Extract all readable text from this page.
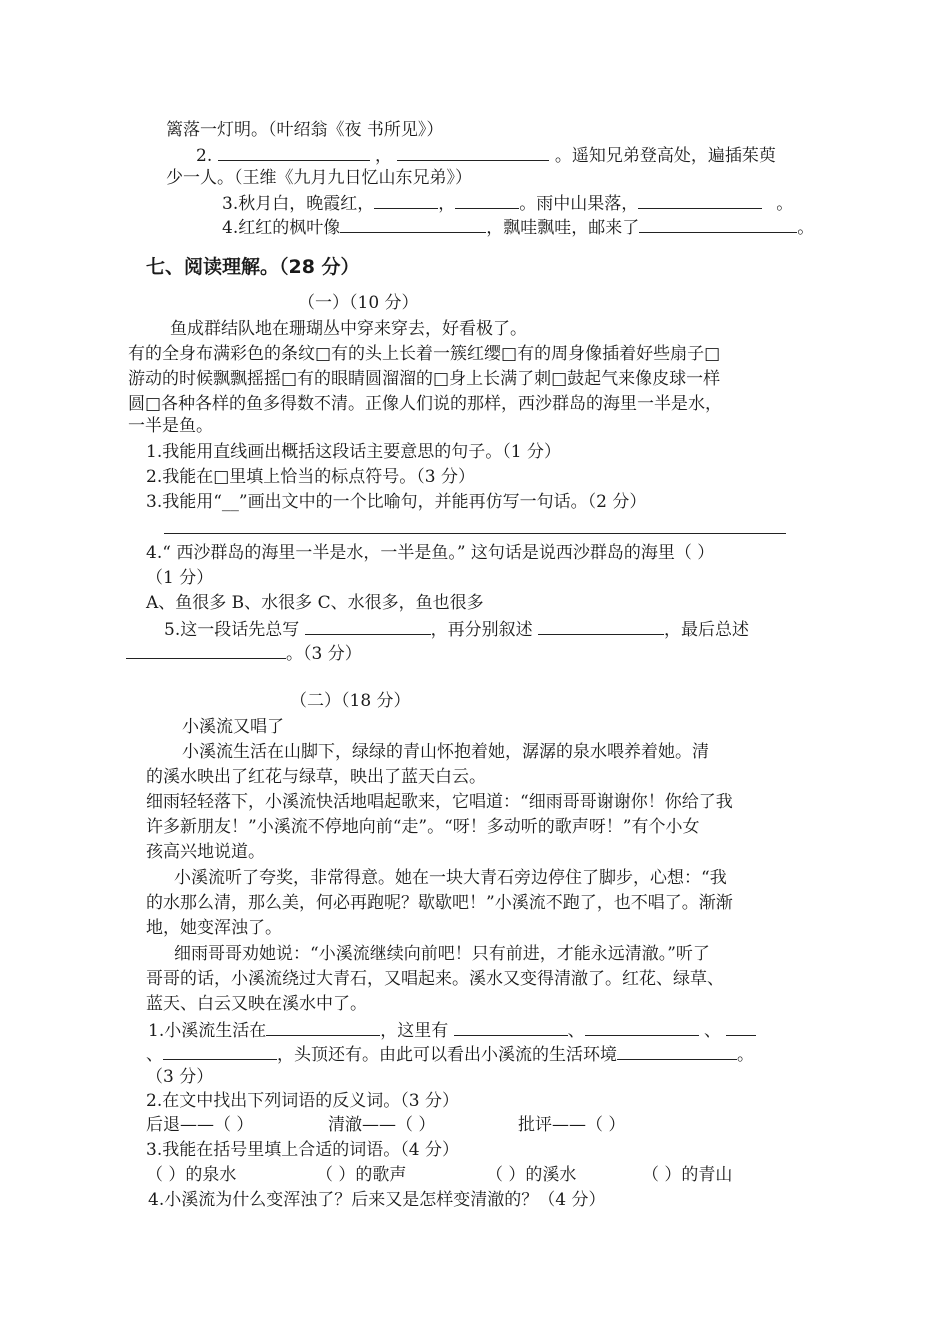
篱落一灯明。（叶绍翁《夜 书所见》）
2.	，	。遥知兄弟登高处，遍插茱萸
少一人。（王维《九月九日忆山东兄弟》）
3.秋月白，晚霞红，	，	。雨中山果落，	。
4.红红的枫叶像	，飘哇飘哇，邮来了	。
七、阅读理解。（28 分）
（一）（10 分）
鱼成群结队地在珊瑚丛中穿来穿去，好看极了。
有的全身布满彩色的条纹□有的头上长着一簇红缨□有的周身像插着好些扇子□
游动的时候飘飘摇摇□有的眼睛圆溜溜的□身上长满了刺□鼓起气来像皮球一样
圆□各种各样的鱼多得数不清。正像人们说的那样，西沙群岛的海里一半是水，
一半是鱼。
1.我能用直线画出概括这段话主要意思的句子。（1 分）
2.我能在□里填上恰当的标点符号。（3 分）
3.我能用“__”画出文中的一个比喻句，并能再仿写一句话。（2 分）
4.“ 西沙群岛的海里一半是水，一半是鱼。” 这句话是说西沙群岛的海里（ ）
（1 分）
A、鱼很多 B、水很多 C、水很多，鱼也很多
5.这一段话先总写	，再分别叙述	，最后总述
。（3 分）
（二）（18 分）
小溪流又唱了
小溪流生活在山脚下，绿绿的青山怀抱着她，潺潺的泉水喂养着她。清
的溪水映出了红花与绿草，映出了蓝天白云。
细雨轻轻落下，小溪流快活地唱起歌来，它唱道：“细雨哥哥谢谢你！你给了我
许多新朋友！”小溪流不停地向前“走”。“呀！多动听的歌声呀！”有个小女
孩高兴地说道。
小溪流听了夸奖，非常得意。她在一块大青石旁边停住了脚步，心想：“我
的水那么清，那么美，何必再跑呢？歇歇吧！”小溪流不跑了，也不唱了。渐渐
地，她变浑浊了。
细雨哥哥劝她说：“小溪流继续向前吧！只有前进，才能永远清澈。”听了
哥哥的话，小溪流绕过大青石，又唱起来。溪水又变得清澈了。红花、绿草、
蓝天、白云又映在溪水中了。
1.小溪流生活在	，这里有	、	、
、	，头顶还有。由此可以看出小溪流的生活环境	。
（3 分）
2.在文中找出下列词语的反义词。（3 分）
后退——（ ）	清澈——（ ）	批评——（ ）
3.我能在括号里填上合适的词语。（4 分）
（ ）的泉水	（ ）的歌声	（ ）的溪水	（ ）的青山
4.小溪流为什么变浑浊了？后来又是怎样变清澈的？（4 分）
